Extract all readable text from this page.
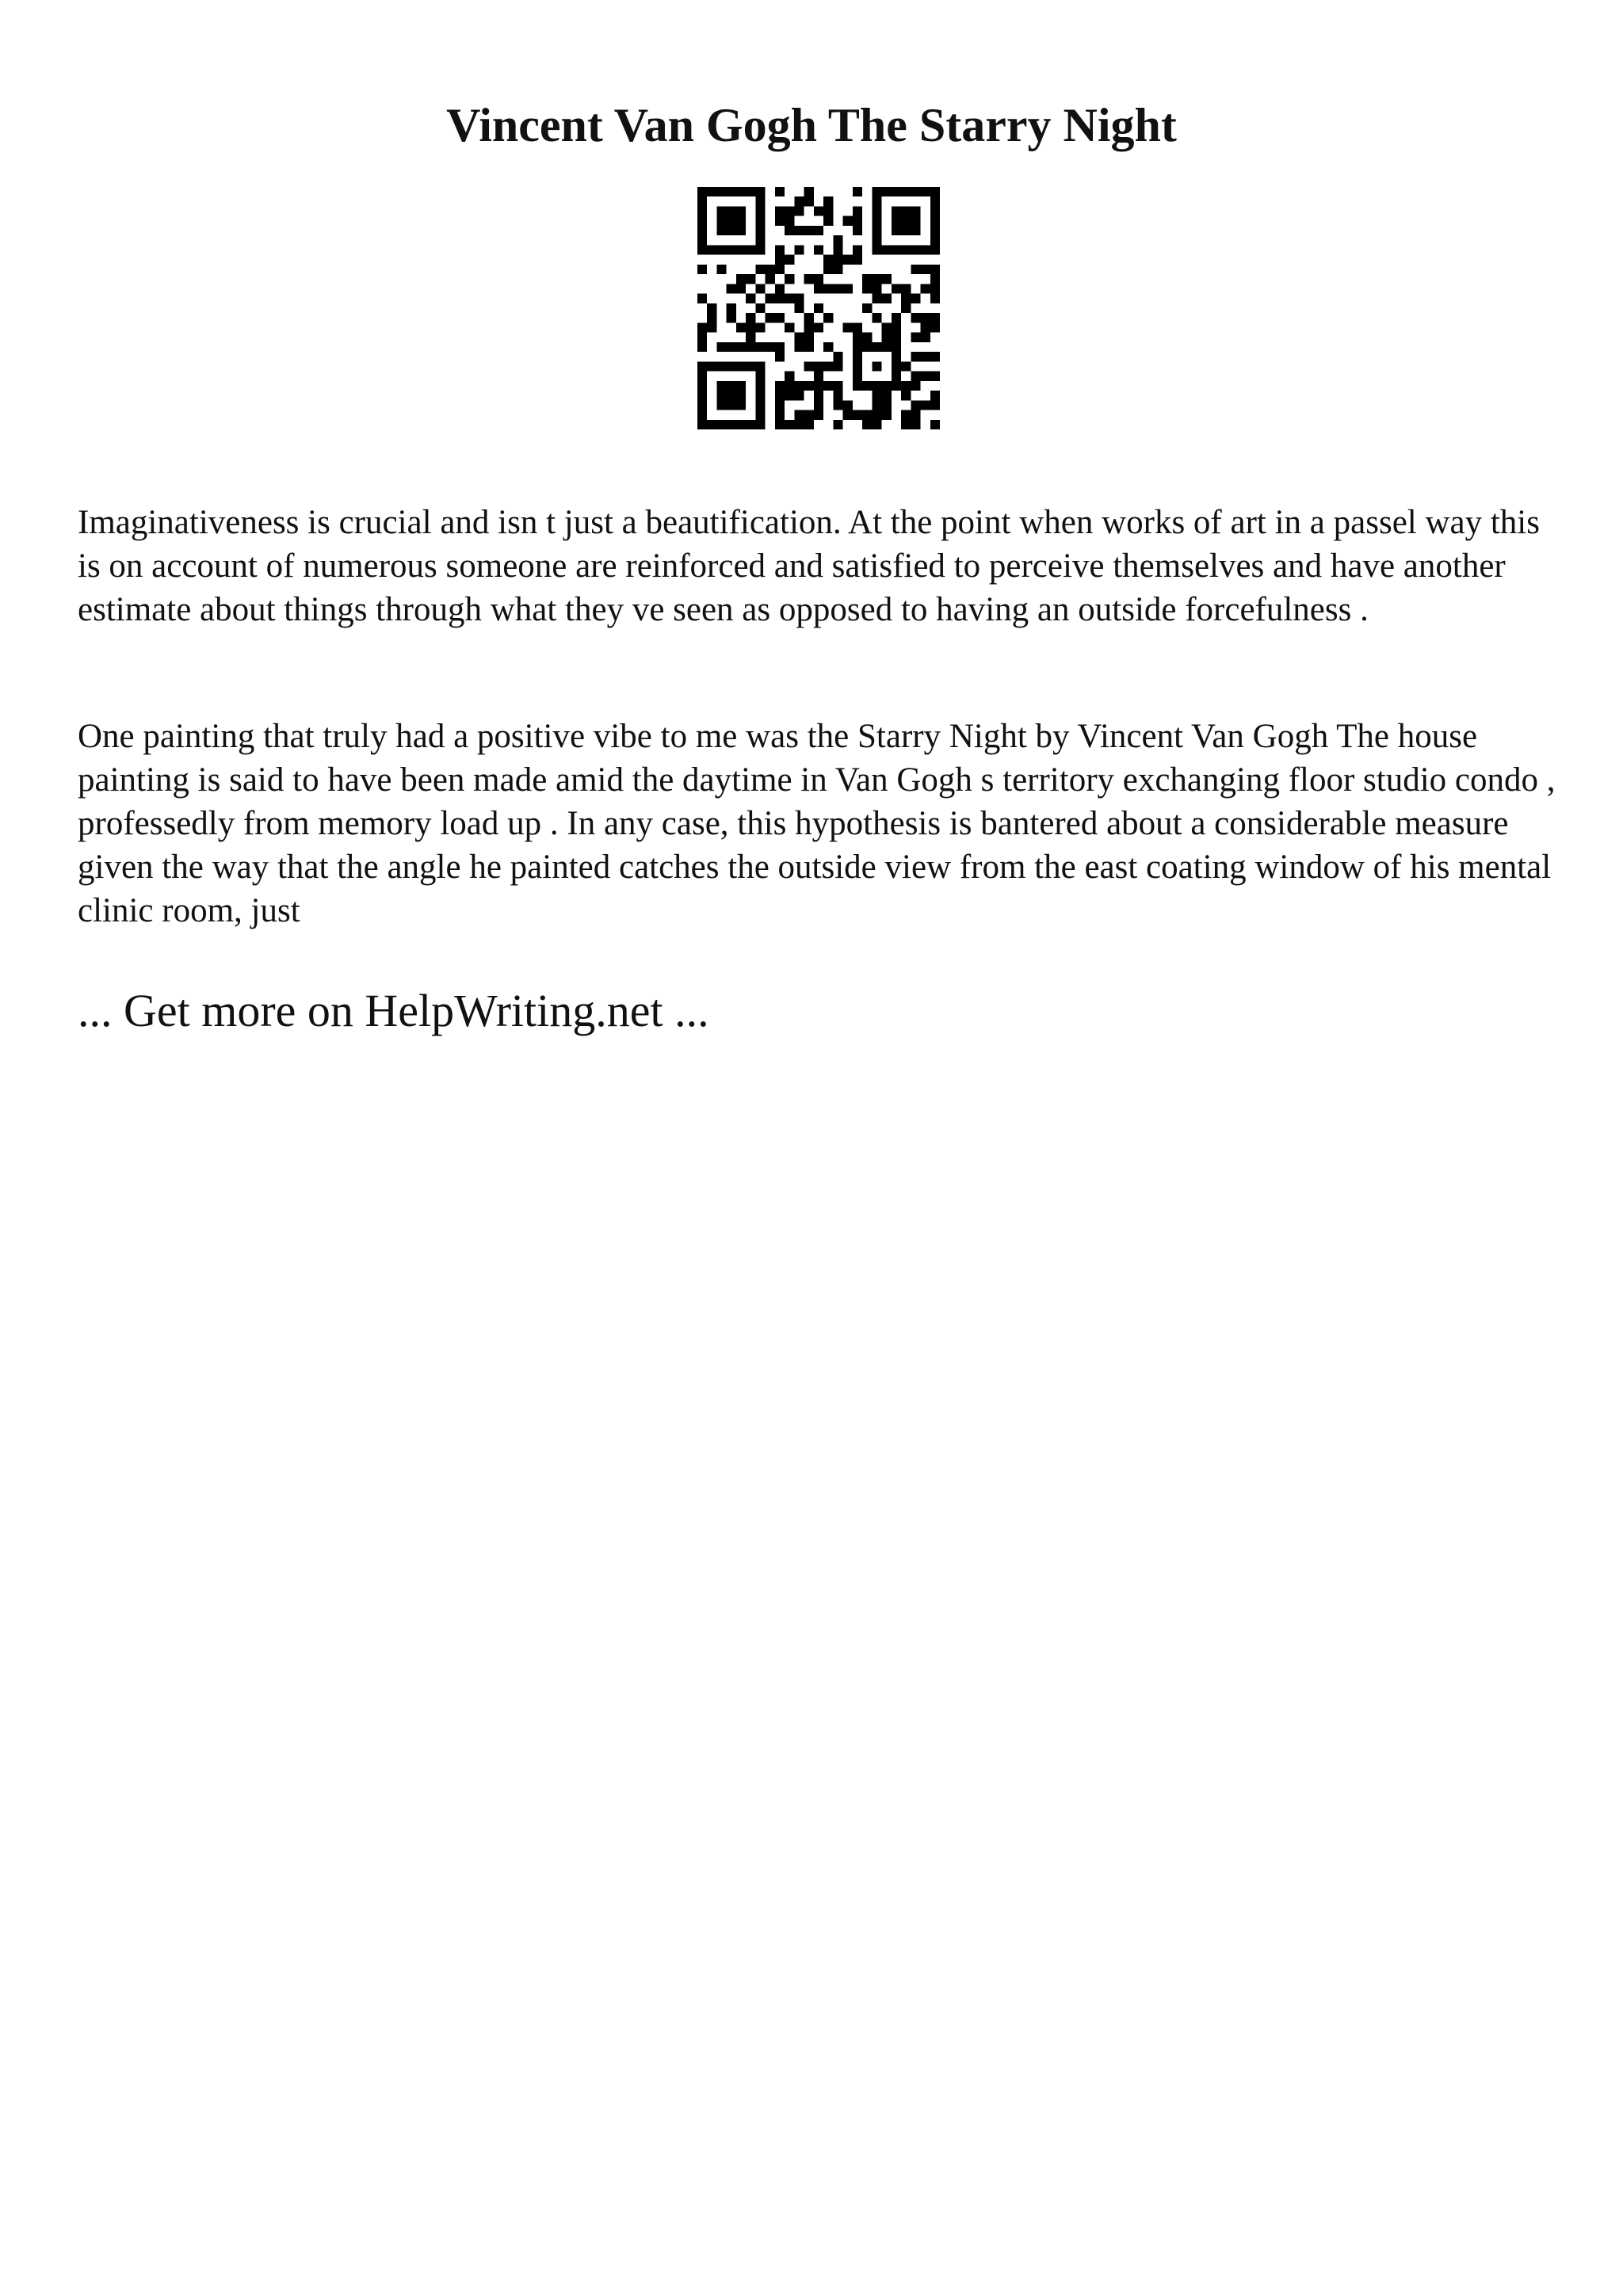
Vincent Van Gogh The Starry Night

Imaginativeness is crucial and isn t just a beautification. At the point when works of art in a passel way this is on account of numerous someone are reinforced and satisfied to perceive themselves and have another estimate about things through what they ve seen as opposed to having an outside forcefulness .

One painting that truly had a positive vibe to me was the Starry Night by Vincent Van Gogh The house painting is said to have been made amid the daytime in Van Gogh s territory exchanging floor studio condo , professedly from memory load up . In any case, this hypothesis is bantered about a considerable measure given the way that the angle he painted catches the outside view from the east coating window of his mental clinic room, just

... Get more on HelpWriting.net ...
